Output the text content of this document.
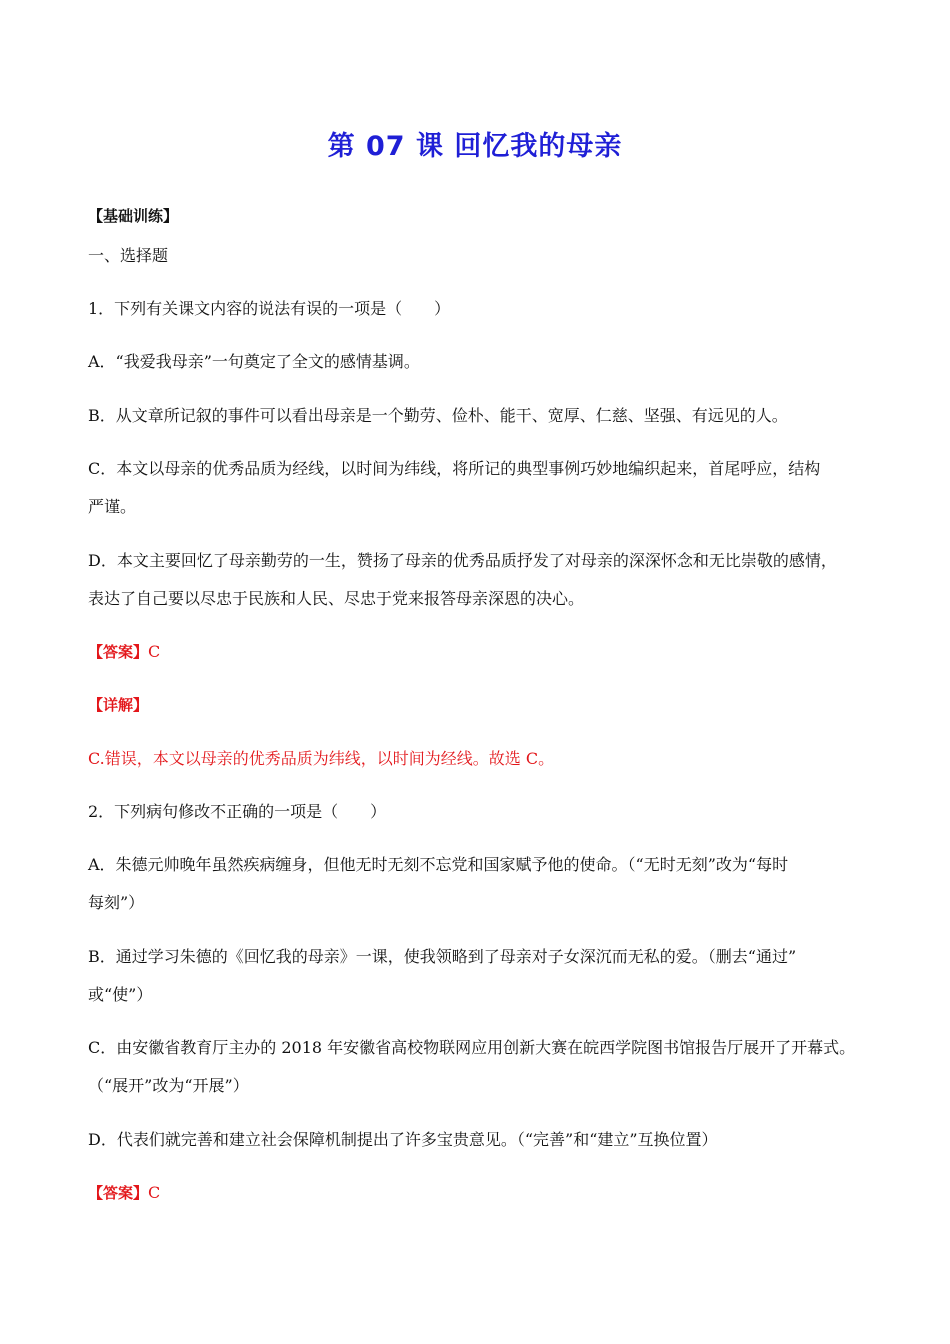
第 07 课 回忆我的母亲

【基础训练】

一、选择题

1．下列有关课文内容的说法有误的一项是（　　）

A．“我爱我母亲”一句奠定了全文的感情基调。

B．从文章所记叙的事件可以看出母亲是一个勤劳、俭朴、能干、宽厚、仁慈、坚强、有远见的人。

C．本文以母亲的优秀品质为经线，以时间为纬线，将所记的典型事例巧妙地编织起来，首尾呼应，结构

严谨。

D．本文主要回忆了母亲勤劳的一生，赞扬了母亲的优秀品质抒发了对母亲的深深怀念和无比崇敬的感情，

表达了自己要以尽忠于民族和人民、尽忠于党来报答母亲深恩的决心。

【答案】C

【详解】

C.错误，本文以母亲的优秀品质为纬线，以时间为经线。故选 C。

2．下列病句修改不正确的一项是（　　）

A．朱德元帅晚年虽然疾病缠身，但他无时无刻不忘党和国家赋予他的使命。（“无时无刻”改为“每时

每刻”）

B．通过学习朱德的《回忆我的母亲》一课，使我领略到了母亲对子女深沉而无私的爱。（删去“通过”

或“使”）

C．由安徽省教育厅主办的 2018 年安徽省高校物联网应用创新大赛在皖西学院图书馆报告厅展开了开幕式。

（“展开”改为“开展”）

D．代表们就完善和建立社会保障机制提出了许多宝贵意见。（“完善”和“建立”互换位置）

【答案】C
